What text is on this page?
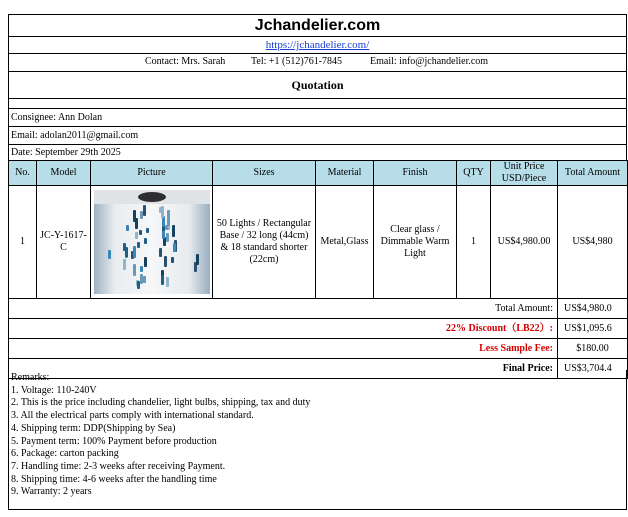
Jchandelier.com
https://jchandelier.com/
Contact: Mrs. Sarah	Tel: +1 (512)761-7845	Email: info@jchandelier.com
Quotation
Consignee: Ann Dolan
Email: adolan2011@gmail.com
Date: September 29th 2025
No.	Model	Picture	Sizes	Material	Finish	QTY	Unit Price USD/Piece	Total Amount
1	JC-Y-1617-C		50 Lights / Rectangular Base / 32 long (44cm) & 18 standard shorter (22cm)	Metal,Glass	Clear glass / Dimmable Warm Light	1	US$4,980.00	US$4,980
Total Amount:								US$4,980.0
22% Discount（LB22）:								US$1,095.6
Less Sample Fee:								$180.00
Final Price:								US$3,704.4
Remarks:
1. Voltage: 110-240V
2. This is the price including chandelier, light bulbs, shipping, tax and duty
3. All the electrical parts comply with international standard.
4. Shipping term: DDP(Shipping by Sea)
5. Payment term: 100% Payment before production
6. Package: carton packing
7. Handling time: 2-3 weeks after receiving Payment.
8. Shipping time: 4-6 weeks after the handling time
9. Warranty: 2 years
